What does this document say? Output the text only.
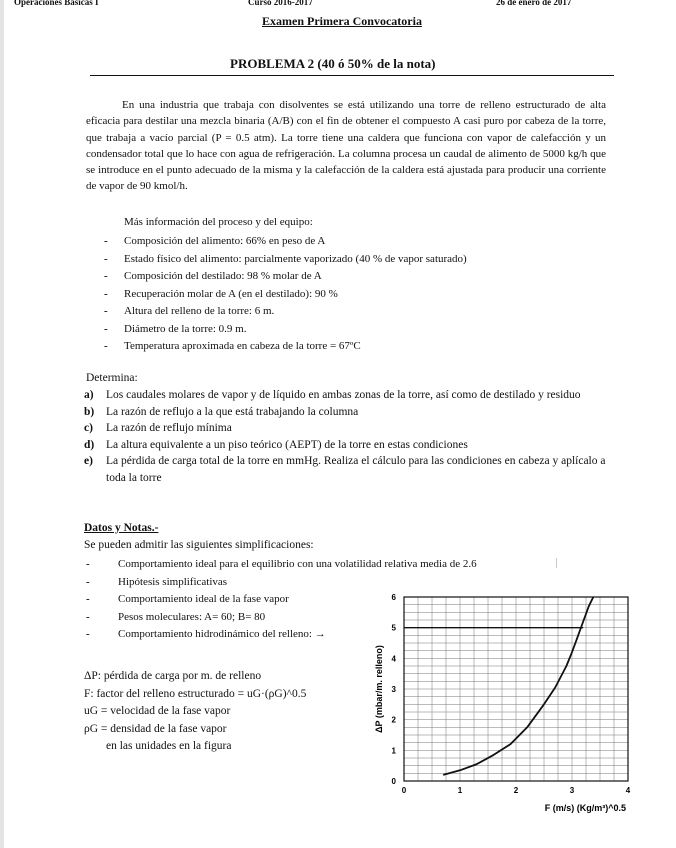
Operaciones Básicas I	Curso 2016-2017	26 de enero de 2017
Examen Primera Convocatoria
PROBLEMA 2 (40 ó 50% de la nota)

En una industria que trabaja con disolventes se está utilizando una torre de relleno estructurado de alta eficacia para destilar una mezcla binaria (A/B) con el fin de obtener el compuesto A casi puro por cabeza de la torre, que trabaja a vacío parcial (P = 0.5 atm). La torre tiene una caldera que funciona con vapor de calefacción y un condensador total que lo hace con agua de refrigeración. La columna procesa un caudal de alimento de 5000 kg/h que se introduce en el punto adecuado de la misma y la calefacción de la caldera está ajustada para producir una corriente de vapor de 90 kmol/h.

Más información del proceso y del equipo:
- Composición del alimento: 66% en peso de A
- Estado físico del alimento: parcialmente vaporizado (40 % de vapor saturado)
- Composición del destilado: 98 % molar de A
- Recuperación molar de A (en el destilado): 90 %
- Altura del relleno de la torre: 6 m.
- Diámetro de la torre: 0.9 m.
- Temperatura aproximada en cabeza de la torre = 67ºC
Determina:
a) Los caudales molares de vapor y de líquido en ambas zonas de la torre, así como de destilado y residuo
b) La razón de reflujo a la que está trabajando la columna
c) La razón de reflujo mínima
d) La altura equivalente a un piso teórico (AEPT) de la torre en estas condiciones
e) La pérdida de carga total de la torre en mmHg. Realiza el cálculo para las condiciones en cabeza y aplícalo a toda la torre
Datos y Notas.-
Se pueden admitir las siguientes simplificaciones:
- Comportamiento ideal para el equilibrio con una volatilidad relativa media de 2.6
- Hipótesis simplificativas
- Comportamiento ideal de la fase vapor
- Pesos moleculares: A= 60; B= 80
- Comportamiento hidrodinámico del relleno: →
ΔP: pérdida de carga por m. de relleno
F: factor del relleno estructurado = uG·(ρG)^0.5
uG = velocidad de la fase vapor
ρG = densidad de la fase vapor
en las unidades en la figura
0	1	2	3	4
0
1
2
3
4
5
6
F (m/s) (Kg/m³)^0.5
ΔP (mbar/m. relleno)
